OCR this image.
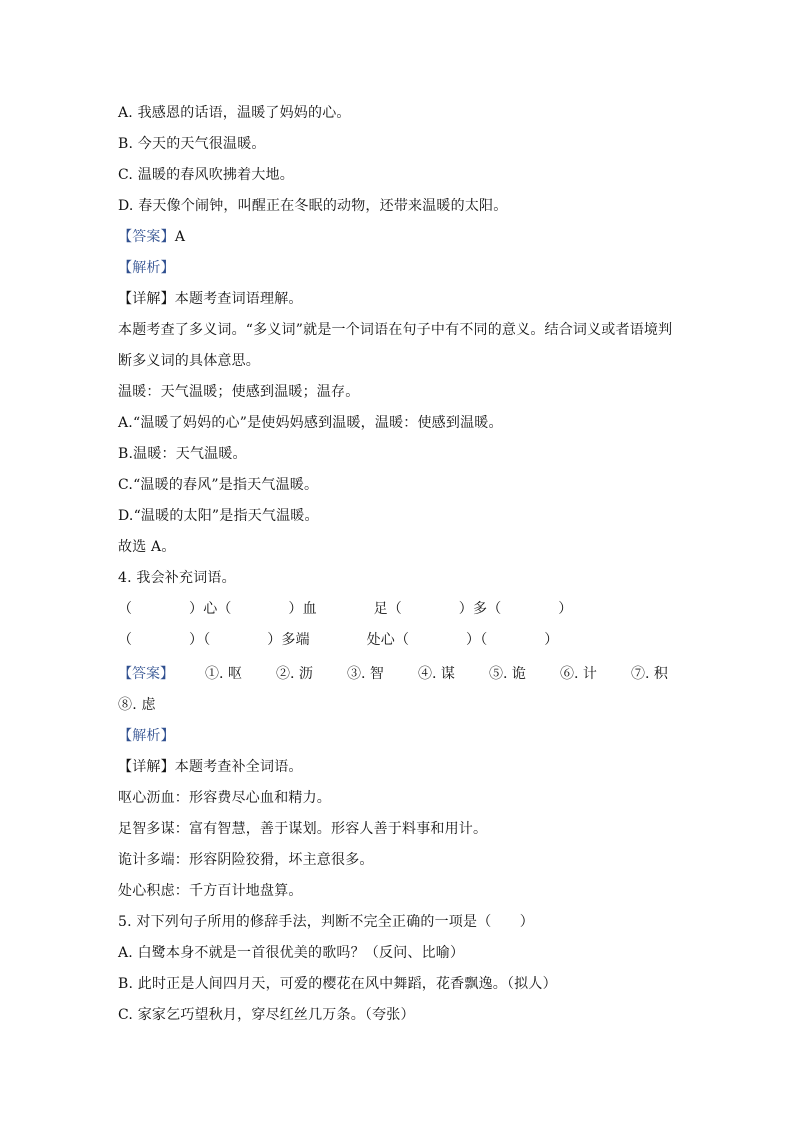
A. 我感恩的话语，温暖了妈妈的心。
B. 今天的天气很温暖。
C. 温暖的春风吹拂着大地。
D. 春天像个闹钟，叫醒正在冬眠的动物，还带来温暖的太阳。
【答案】A
【解析】
【详解】本题考查词语理解。
本题考查了多义词。“多义词”就是一个词语在句子中有不同的意义。结合词义或者语境判
断多义词的具体意思。
温暖：天气温暖；使感到温暖；温存。
A.“温暖了妈妈的心”是使妈妈感到温暖，温暖：使感到温暖。
B.温暖：天气温暖。
C.“温暖的春风”是指天气温暖。
D.“温暖的太阳”是指天气温暖。
故选 A。
4. 我会补充词语。
（　　　　）心（　　　　）血　　　　足（　　　　）多（　　　　）
（　　　　）（　　　　）多端　　　　处心（　　　　）（　　　　）
【答案】 ①. 呕 ②. 沥 ③. 智 ④. 谋 ⑤. 诡 ⑥. 计 ⑦. 积
⑧. 虑
【解析】
【详解】本题考查补全词语。
呕心沥血：形容费尽心血和精力。
足智多谋：富有智慧，善于谋划。形容人善于料事和用计。
诡计多端：形容阴险狡猾，坏主意很多。
处心积虑：千方百计地盘算。
5. 对下列句子所用的修辞手法，判断不完全正确的一项是（　　）
A. 白鹭本身不就是一首很优美的歌吗？（反问、比喻）
B. 此时正是人间四月天，可爱的樱花在风中舞蹈，花香飘逸。（拟人）
C. 家家乞巧望秋月，穿尽红丝几万条。（夸张）
